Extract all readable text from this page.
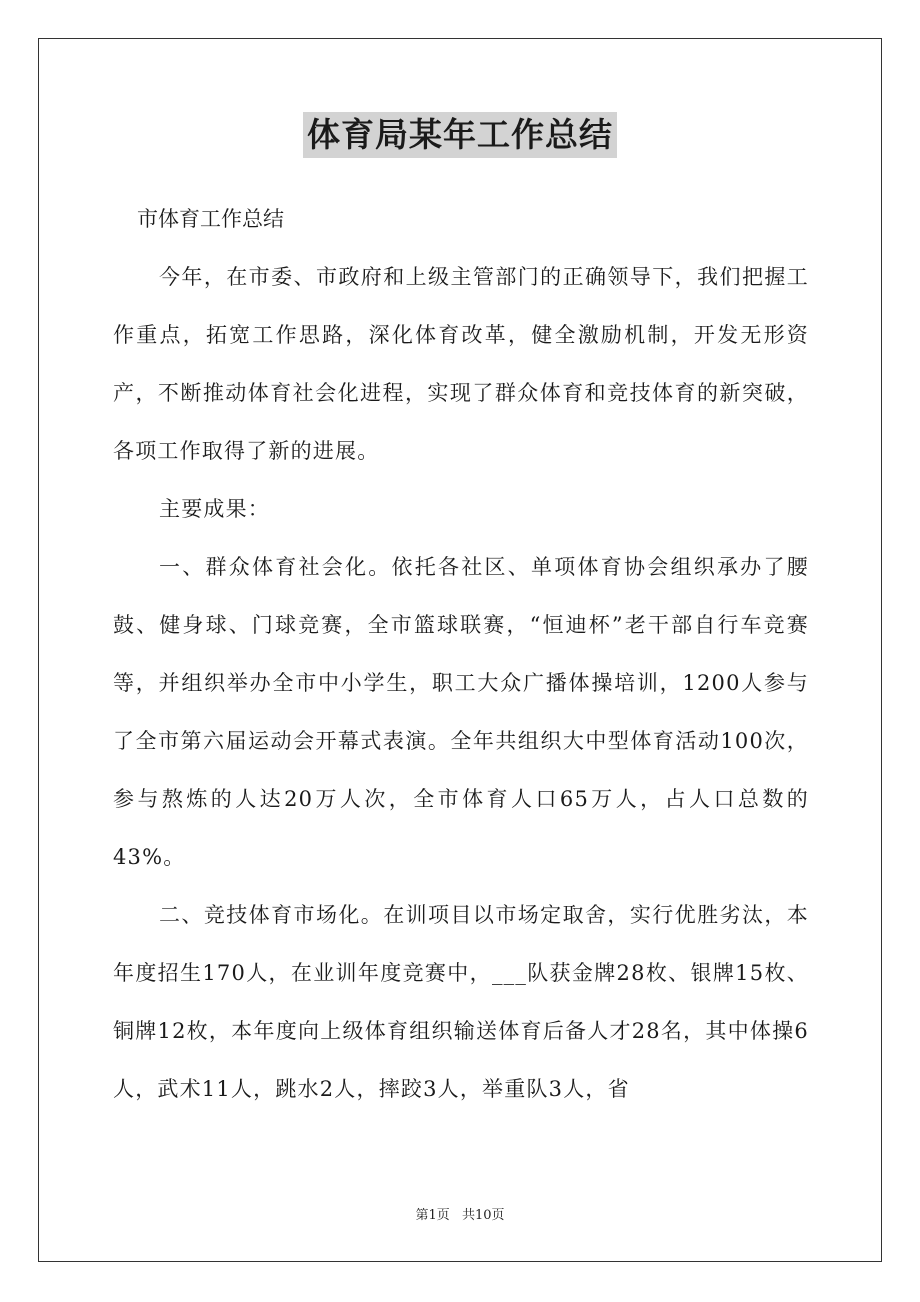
体育局某年工作总结

市体育工作总结

今年，在市委、市政府和上级主管部门的正确领导下，我们把握工作重点，拓宽工作思路，深化体育改革，健全激励机制，开发无形资产，不断推动体育社会化进程，实现了群众体育和竞技体育的新突破，各项工作取得了新的进展。

主要成果：

一、群众体育社会化。依托各社区、单项体育协会组织承办了腰鼓、健身球、门球竞赛，全市篮球联赛，“恒迪杯”老干部自行车竞赛等，并组织举办全市中小学生，职工大众广播体操培训，1200人参与了全市第六届运动会开幕式表演。全年共组织大中型体育活动100次，参与熬炼的人达20万人次，全市体育人口65万人，占人口总数的43%。

二、竞技体育市场化。在训项目以市场定取舍，实行优胜劣汰，本年度招生170人，在业训年度竞赛中，___队获金牌28枚、银牌15枚、铜牌12枚，本年度向上级体育组织输送体育后备人才28名，其中体操6人，武术11人，跳水2人，摔跤3人，举重队3人，省

第1页 共10页
